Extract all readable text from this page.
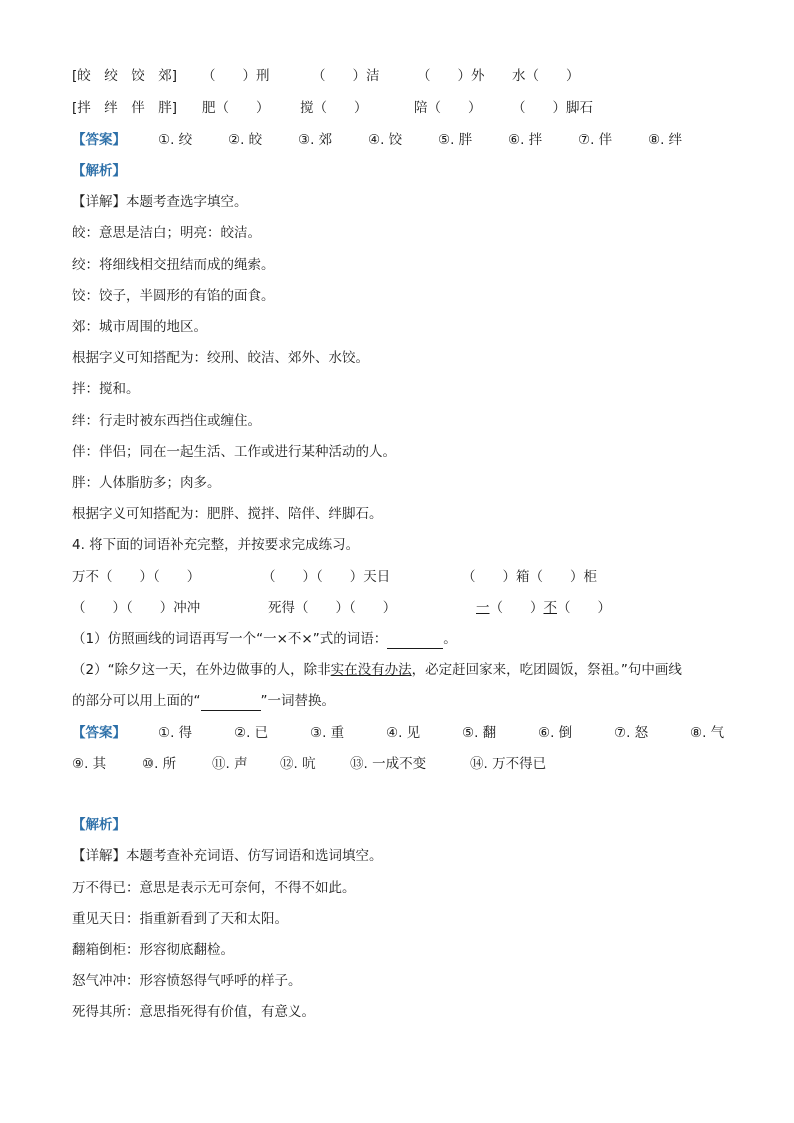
[皎　绞　饺　郊] （　　）刑	（　　）洁	（　　）外 水（　　）
[拌　绊　伴　胖] 肥（　　） 搅（　　）	陪（　　） （　　）脚石
【答案】 ①. 绞	②. 皎	③. 郊	④. 饺	⑤. 胖	⑥. 拌	⑦. 伴	⑧. 绊
【解析】
【详解】本题考查选字填空。
皎：意思是洁白；明亮：皎洁。
绞：将细线相交扭结而成的绳索。
饺：饺子，半圆形的有馅的面食。
郊：城市周围的地区。
根据字义可知搭配为：绞刑、皎洁、郊外、水饺。
拌：搅和。
绊：行走时被东西挡住或缠住。
伴：伴侣；同在一起生活、工作或进行某种活动的人。
胖：人体脂肪多；肉多。
根据字义可知搭配为：肥胖、搅拌、陪伴、绊脚石。
4. 将下面的词语补充完整，并按要求完成练习。
万不（　　）（　　）	（　　）（　　）天日	（　　）箱（　　）柜
（　　）（　　）冲冲	死得（　　）（　　）	一（　　）不（　　）
（1）仿照画线的词语再写一个“一×不×”式的词语：	。
（2）“除夕这一天，在外边做事的人，除非实在没有办法，必定赶回家来，吃团圆饭，祭祖。”句中画线
的部分可以用上面的“	”一词替换。
【答案】 ①. 得	②. 已	③. 重	④. 见	⑤. 翻	⑥. 倒	⑦. 怒	⑧. 气
⑨. 其	⑩. 所	⑪. 声 ⑫. 吭	⑬. 一成不变	⑭. 万不得已
【解析】
【详解】本题考查补充词语、仿写词语和选词填空。
万不得已：意思是表示无可奈何，不得不如此。
重见天日：指重新看到了天和太阳。
翻箱倒柜：形容彻底翻检。
怒气冲冲：形容愤怒得气呼呼的样子。
死得其所：意思指死得有价值，有意义。
